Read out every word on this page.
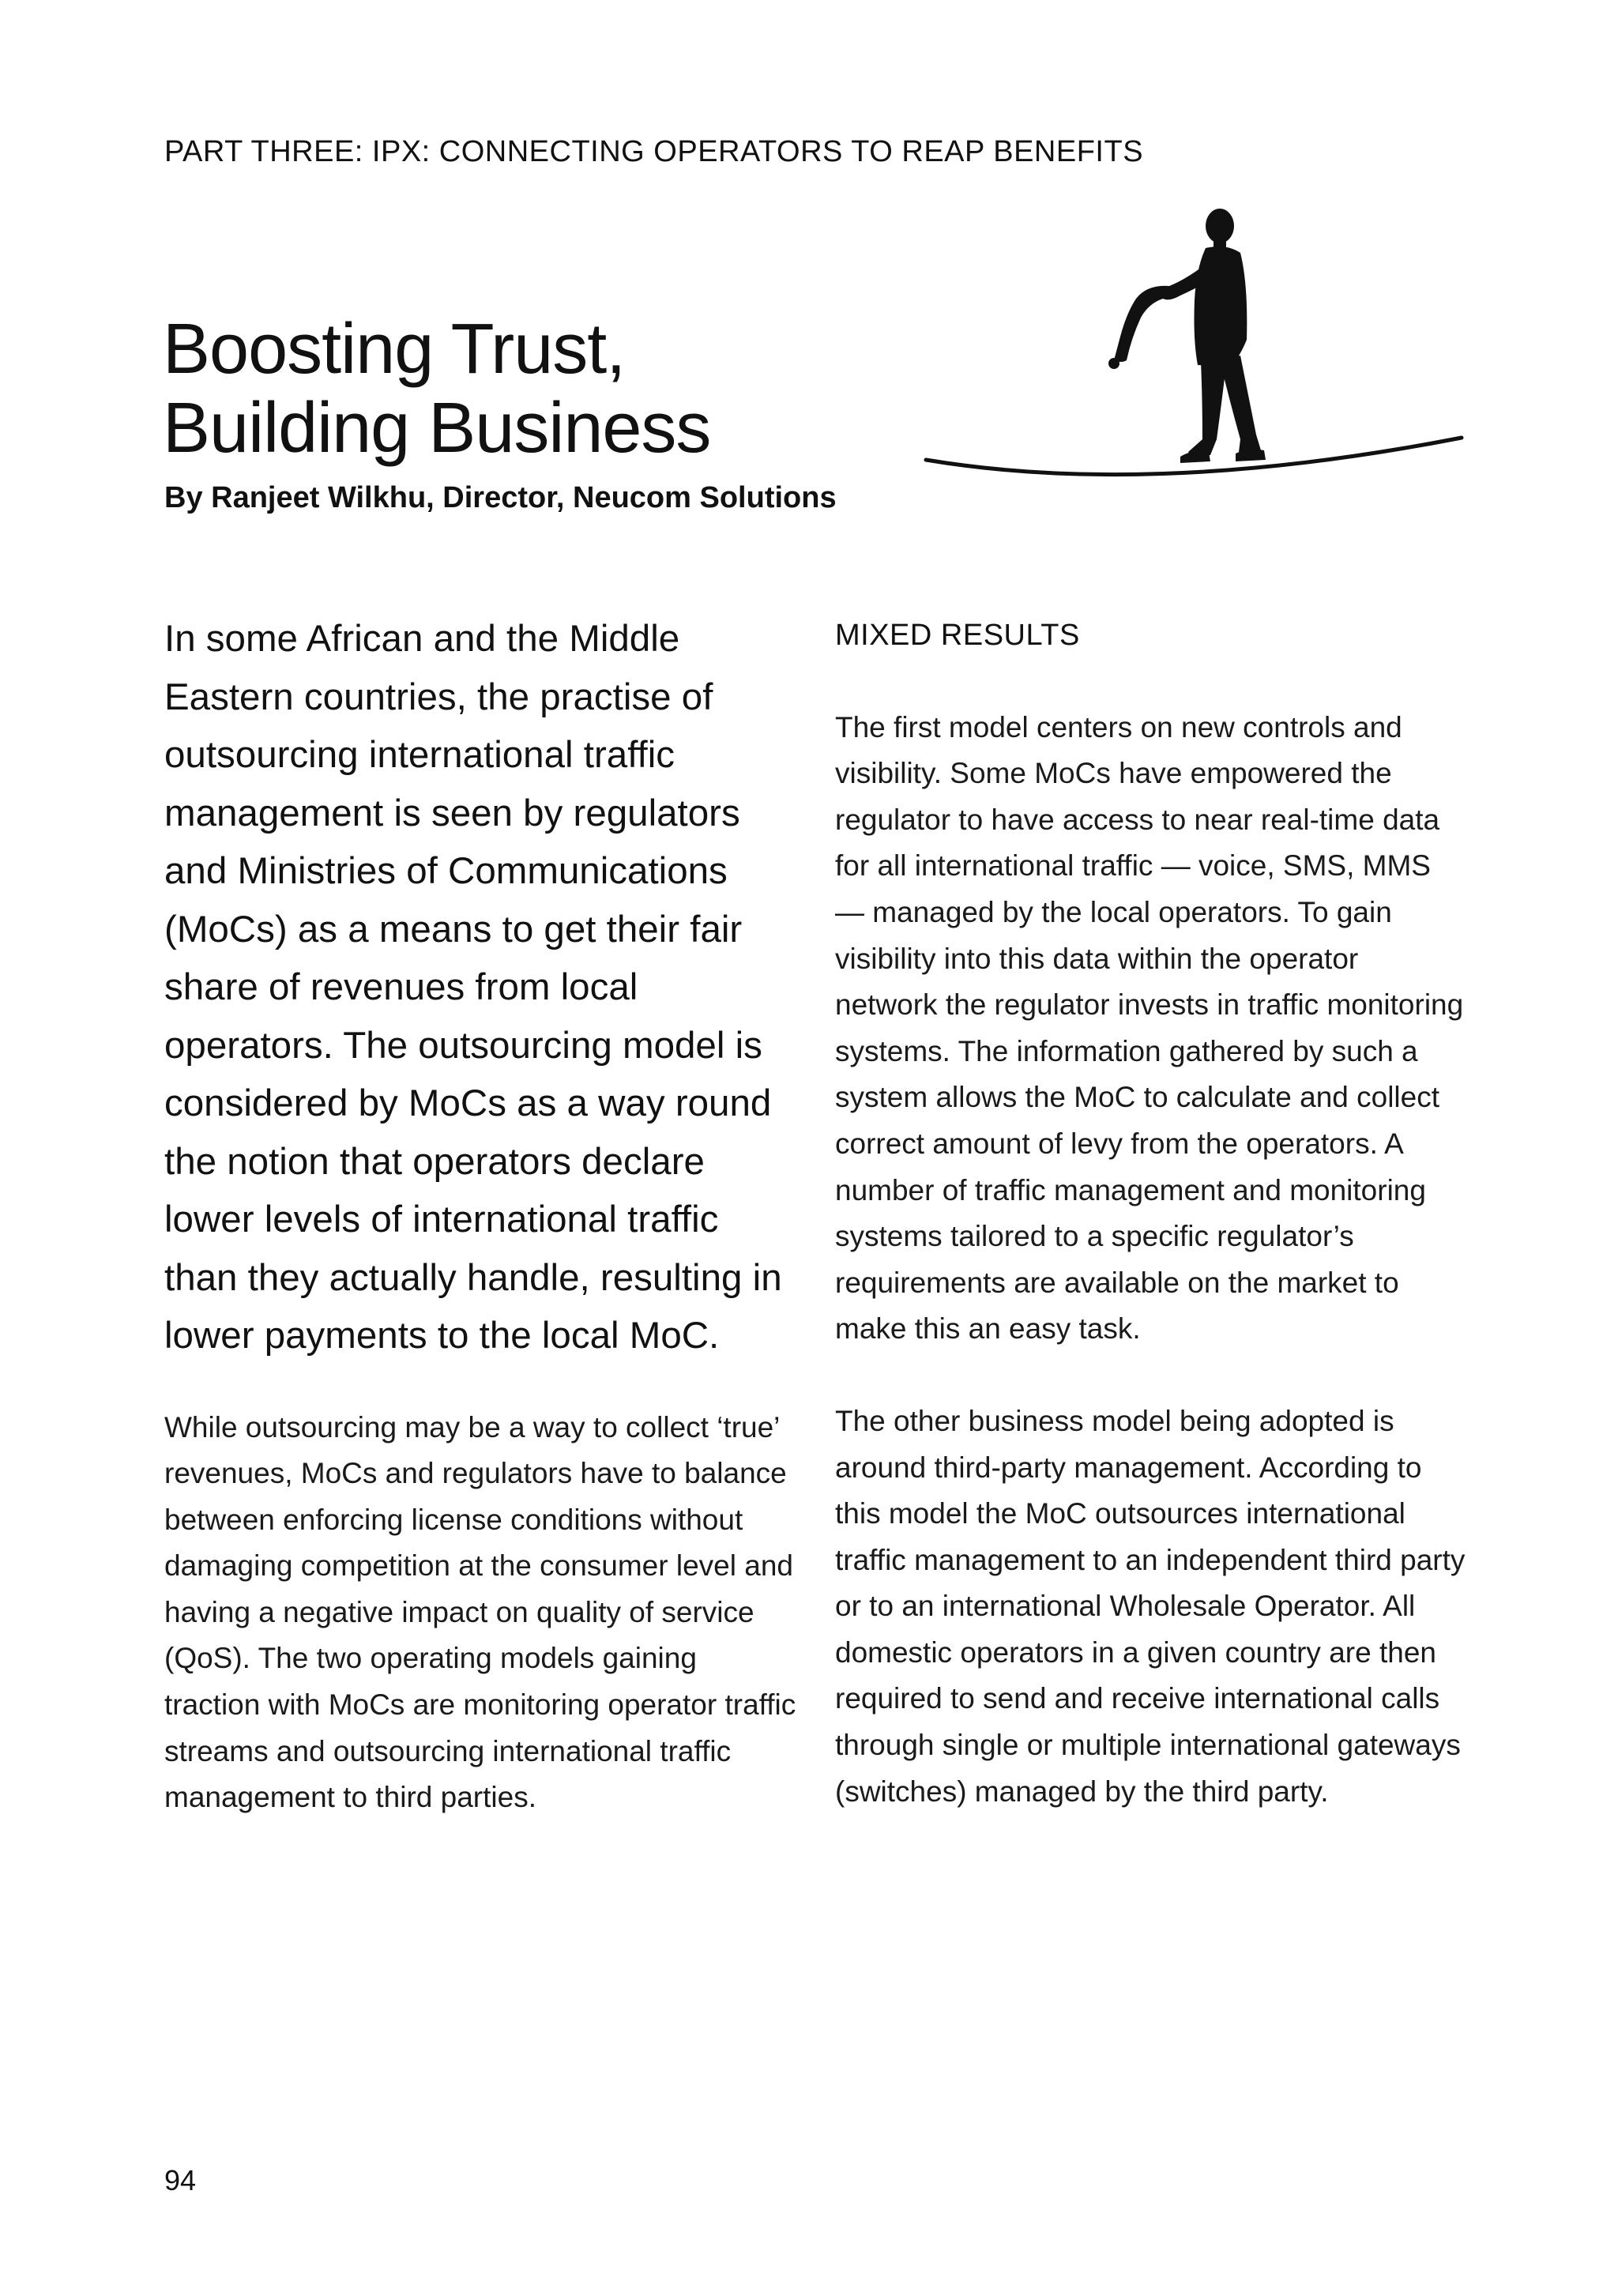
PART THREE: IPX: CONNECTING OPERATORS TO REAP BENEFITS

Boosting Trust,
Building Business

By Ranjeet Wilkhu, Director, Neucom Solutions

In some African and the Middle Eastern countries, the practise of outsourcing international traffic management is seen by regulators and Ministries of Communications (MoCs) as a means to get their fair share of revenues from local operators. The outsourcing model is considered by MoCs as a way round the notion that operators declare lower levels of international traffic than they actually handle, resulting in lower payments to the local MoC.

While outsourcing may be a way to collect ‘true’ revenues, MoCs and regulators have to balance between enforcing license conditions without damaging competition at the consumer level and having a negative impact on quality of service (QoS). The two operating models gaining traction with MoCs are monitoring operator traffic streams and outsourcing international traffic management to third parties.

MIXED RESULTS

The first model centers on new controls and visibility. Some MoCs have empowered the regulator to have access to near real-time data for all international traffic — voice, SMS, MMS — managed by the local operators. To gain visibility into this data within the operator network the regulator invests in traffic monitoring systems. The information gathered by such a system allows the MoC to calculate and collect correct amount of levy from the operators. A number of traffic management and monitoring systems tailored to a specific regulator’s requirements are available on the market to make this an easy task.

The other business model being adopted is around third-party management. According to this model the MoC outsources international traffic management to an independent third party or to an international Wholesale Operator. All domestic operators in a given country are then required to send and receive international calls through single or multiple international gateways (switches) managed by the third party.

94
